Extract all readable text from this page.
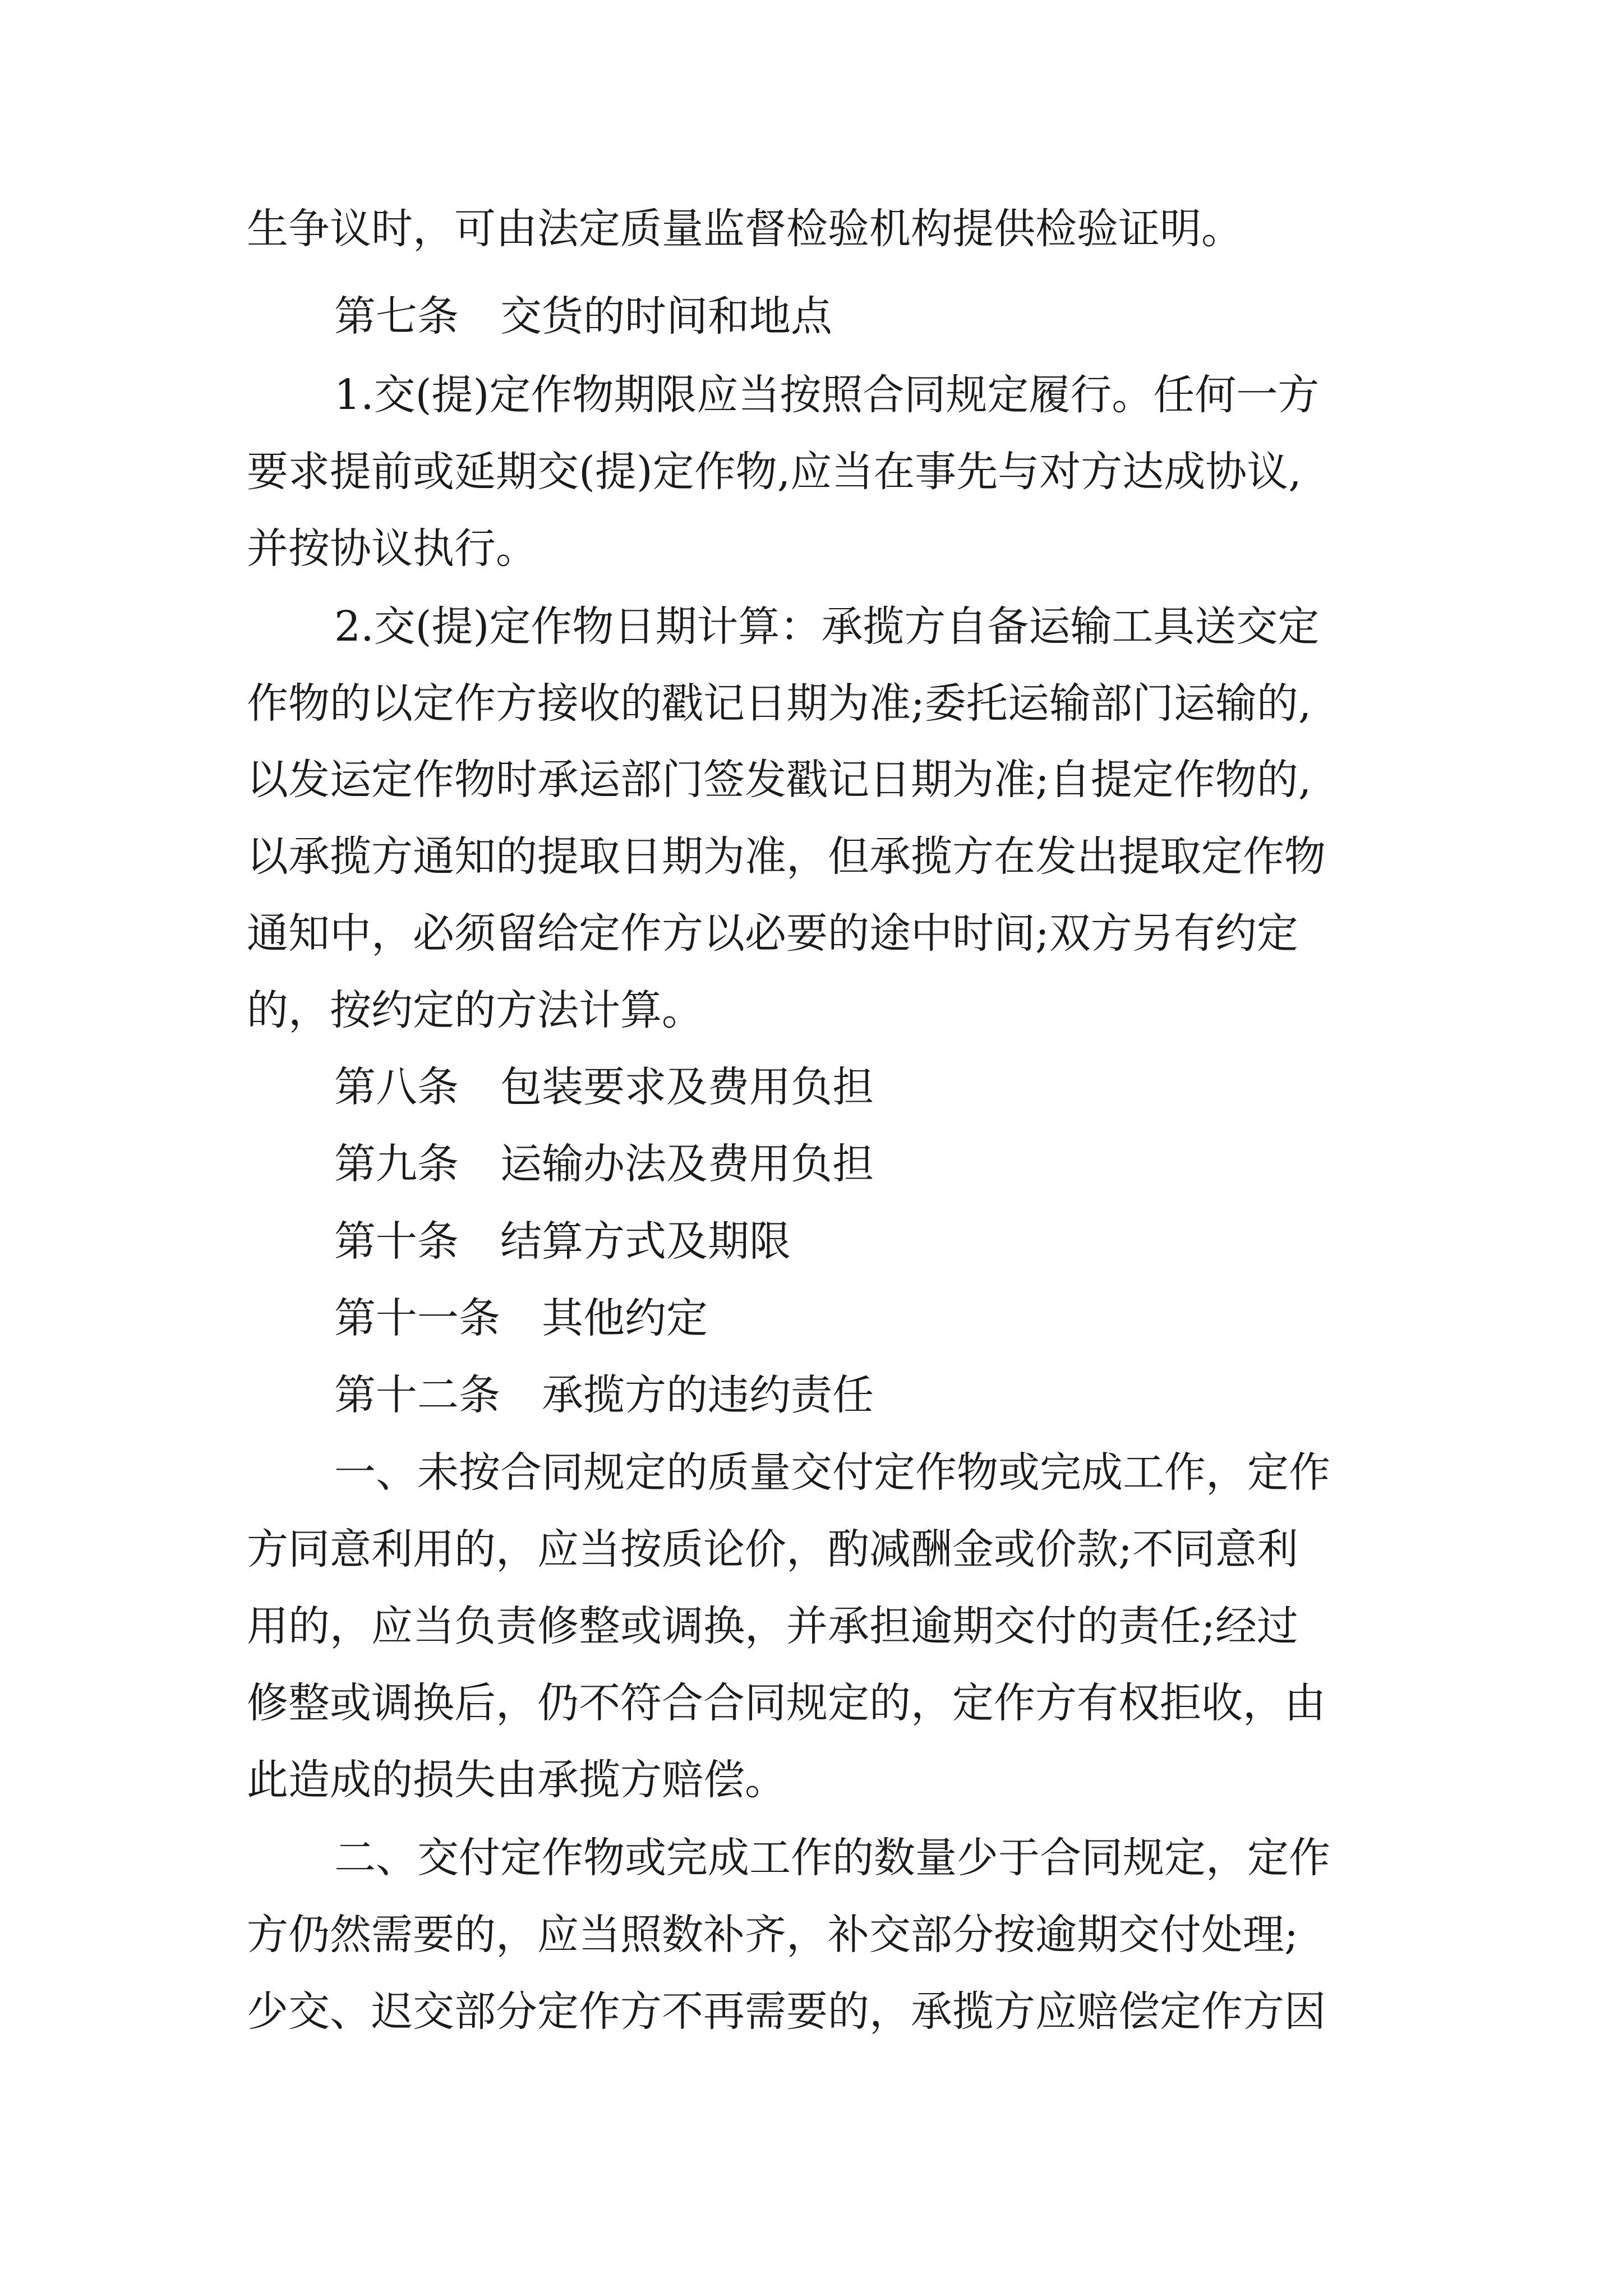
生争议时，可由法定质量监督检验机构提供检验证明。
第七条　交货的时间和地点
1.交(提)定作物期限应当按照合同规定履行。任何一方
要求提前或延期交(提)定作物,应当在事先与对方达成协议,
并按协议执行。
2.交(提)定作物日期计算：承揽方自备运输工具送交定
作物的以定作方接收的戳记日期为准;委托运输部门运输的,
以发运定作物时承运部门签发戳记日期为准;自提定作物的,
以承揽方通知的提取日期为准，但承揽方在发出提取定作物
通知中，必须留给定作方以必要的途中时间;双方另有约定
的，按约定的方法计算。
第八条　包装要求及费用负担
第九条　运输办法及费用负担
第十条　结算方式及期限
第十一条　其他约定
第十二条　承揽方的违约责任
一、未按合同规定的质量交付定作物或完成工作，定作
方同意利用的，应当按质论价，酌减酬金或价款;不同意利
用的，应当负责修整或调换，并承担逾期交付的责任;经过
修整或调换后，仍不符合合同规定的，定作方有权拒收，由
此造成的损失由承揽方赔偿。
二、交付定作物或完成工作的数量少于合同规定，定作
方仍然需要的，应当照数补齐，补交部分按逾期交付处理;
少交、迟交部分定作方不再需要的，承揽方应赔偿定作方因
